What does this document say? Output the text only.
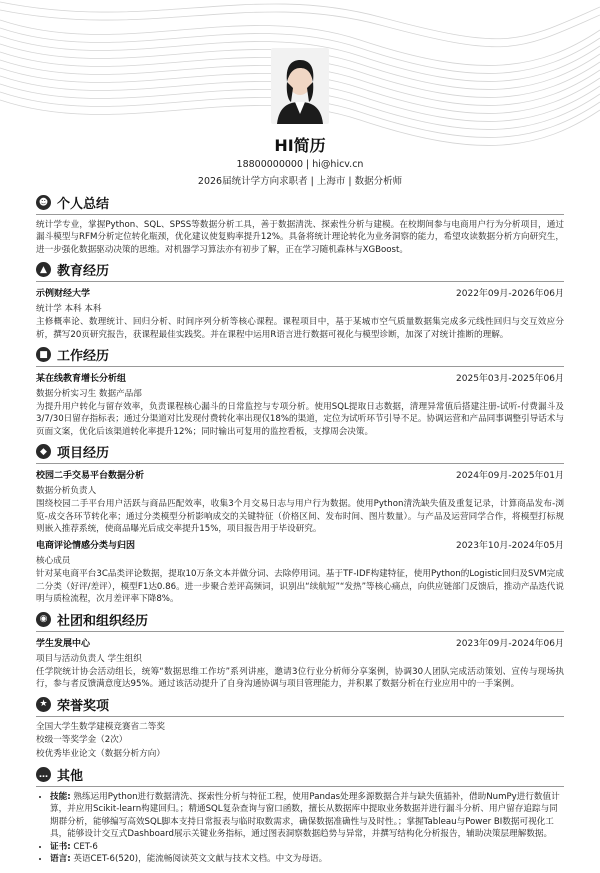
HI简历
18800000000 | hi@hicv.cn
2026届统计学方向求职者 | 上海市 | 数据分析师
☻ 个人总结

统计学专业，掌握Python、SQL、SPSS等数据分析工具，善于数据清洗、探索性分析与建模。在校期间参与电商用户行为分析项目，通过漏斗模型与RFM分析定位转化瓶颈，优化建议使复购率提升12%。具备将统计理论转化为业务洞察的能力，希望攻读数据分析方向研究生，进一步强化数据驱动决策的思维。对机器学习算法亦有初步了解，正在学习随机森林与XGBoost。

▲ 教育经历
示例财经大学	2022年09月-2026年06月
统计学 本科 本科

主修概率论、数理统计、回归分析、时间序列分析等核心课程。课程项目中，基于某城市空气质量数据集完成多元线性回归与交互效应分析，撰写20页研究报告，获课程最佳实践奖。并在课程中运用R语言进行数据可视化与模型诊断，加深了对统计推断的理解。

■ 工作经历
某在线教育增长分析组	2025年03月-2025年06月
数据分析实习生 数据产品部

为提升用户转化与留存效率，负责课程核心漏斗的日常监控与专项分析。使用SQL提取日志数据，清理异常值后搭建注册-试听-付费漏斗及3/7/30日留存指标表；通过分渠道对比发现付费转化率出现仅18%的渠道，定位为试听环节引导不足。协调运营和产品同事调整引导话术与页面文案，优化后该渠道转化率提升12%；同时输出可复用的监控看板，支撑周会决策。

◆ 项目经历
校园二手交易平台数据分析	2024年09月-2025年01月
数据分析负责人

围绕校园二手平台用户活跃与商品匹配效率，收集3个月交易日志与用户行为数据。使用Python清洗缺失值及重复记录，计算商品发布-浏览-成交各环节转化率；通过分类模型分析影响成交的关键特征（价格区间、发布时间、图片数量）。与产品及运营同学合作，将模型打标规则嵌入推荐系统，使商品曝光后成交率提升15%，项目报告用于毕设研究。

电商评论情感分类与归因	2023年10月-2024年05月
核心成员

针对某电商平台3C品类评论数据，提取10万条文本并做分词、去除停用词。基于TF-IDF构建特征，使用Python的Logistic回归及SVM完成二分类（好评/差评），模型F1达0.86。进一步聚合差评高频词，识别出“续航短”“发热”等核心痛点，向供应链部门反馈后，推动产品迭代说明与质检流程，次月差评率下降8%。

◉ 社团和组织经历
学生发展中心	2023年09月-2024年06月
项目与活动负责人 学生组织

任学院统计协会活动组长，统筹“数据思维工作坊”系列讲座，邀请3位行业分析师分享案例，协调30人团队完成活动策划、宣传与现场执行，参与者反馈满意度达95%。通过该活动提升了自身沟通协调与项目管理能力，并积累了数据分析在行业应用中的一手案例。

★ 荣誉奖项
全国大学生数学建模竞赛省二等奖
校级一等奖学金（2次）
校优秀毕业论文（数据分析方向）
… 其他
• 技能: 熟练运用Python进行数据清洗、探索性分析与特征工程，使用Pandas处理多源数据合并与缺失值插补，借助NumPy进行数值计算，并应用Scikit-learn构建回归。；精通SQL复杂查询与窗口函数，擅长从数据库中提取业务数据并进行漏斗分析、用户留存追踪与同期群分析，能够编写高效SQL脚本支持日常报表与临时取数需求，确保数据准确性与及时性。；掌握Tableau与Power BI数据可视化工具，能够设计交互式Dashboard展示关键业务指标，通过图表洞察数据趋势与异常，并撰写结构化分析报告，辅助决策层理解数据。
• 证书: CET-6
• 语言: 英语CET-6(520)，能流畅阅读英文文献与技术文档。中文为母语。
